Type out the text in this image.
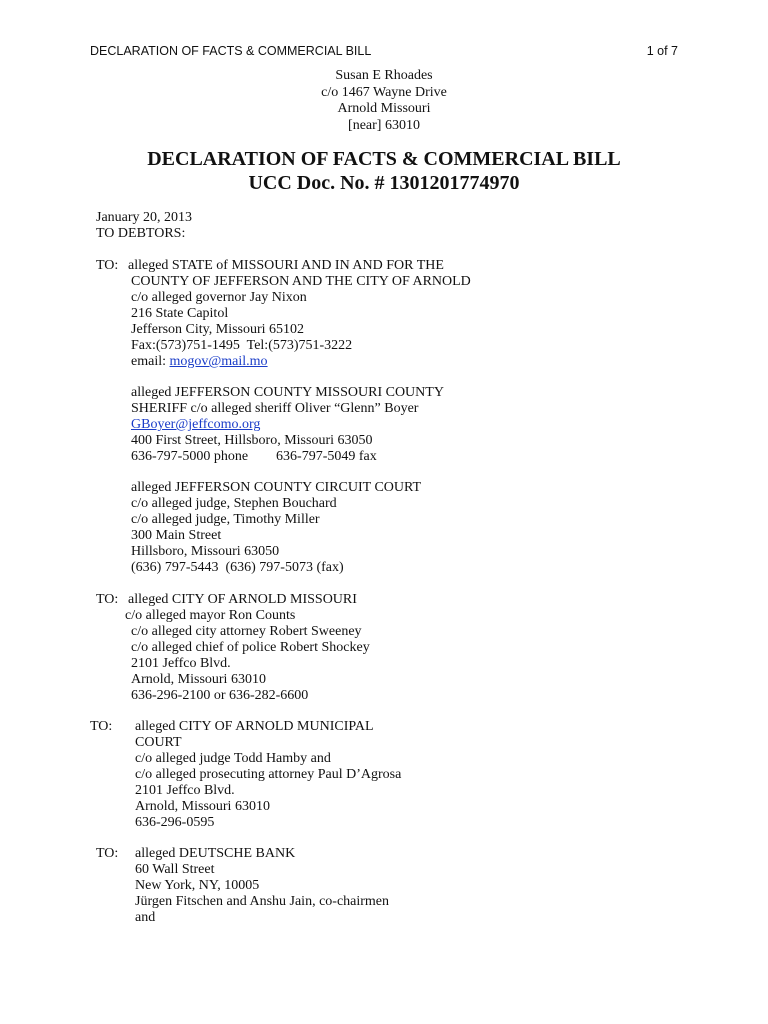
DECLARATION OF FACTS & COMMERCIAL BILL	1 of 7
Susan E Rhoades
c/o 1467 Wayne Drive
Arnold Missouri
[near] 63010
DECLARATION OF FACTS & COMMERCIAL BILL
UCC Doc. No. # 1301201774970
January 20, 2013
TO DEBTORS:
TO: alleged STATE of MISSOURI AND IN AND FOR THE
COUNTY OF JEFFERSON AND THE CITY OF ARNOLD
c/o alleged governor Jay Nixon
216 State Capitol
Jefferson City, Missouri 65102
Fax:(573)751-1495  Tel:(573)751-3222
email: mogov@mail.mo
alleged JEFFERSON COUNTY MISSOURI COUNTY
SHERIFF c/o alleged sheriff Oliver “Glenn” Boyer
GBoyer@jeffcomo.org
400 First Street, Hillsboro, Missouri 63050
636-797-5000 phone        636-797-5049 fax
alleged JEFFERSON COUNTY CIRCUIT COURT
c/o alleged judge, Stephen Bouchard
c/o alleged judge, Timothy Miller
300 Main Street
Hillsboro, Missouri 63050
(636) 797-5443  (636) 797-5073 (fax)
TO: alleged CITY OF ARNOLD MISSOURI
c/o alleged mayor Ron Counts
c/o alleged city attorney Robert Sweeney
c/o alleged chief of police Robert Shockey
2101 Jeffco Blvd.
Arnold, Missouri 63010
636-296-2100 or 636-282-6600
TO: alleged CITY OF ARNOLD MUNICIPAL
COURT
c/o alleged judge Todd Hamby and
c/o alleged prosecuting attorney Paul D’Agrosa
2101 Jeffco Blvd.
Arnold, Missouri 63010
636-296-0595
TO: alleged DEUTSCHE BANK
60 Wall Street
New York, NY, 10005
Jürgen Fitschen and Anshu Jain, co-chairmen
and
